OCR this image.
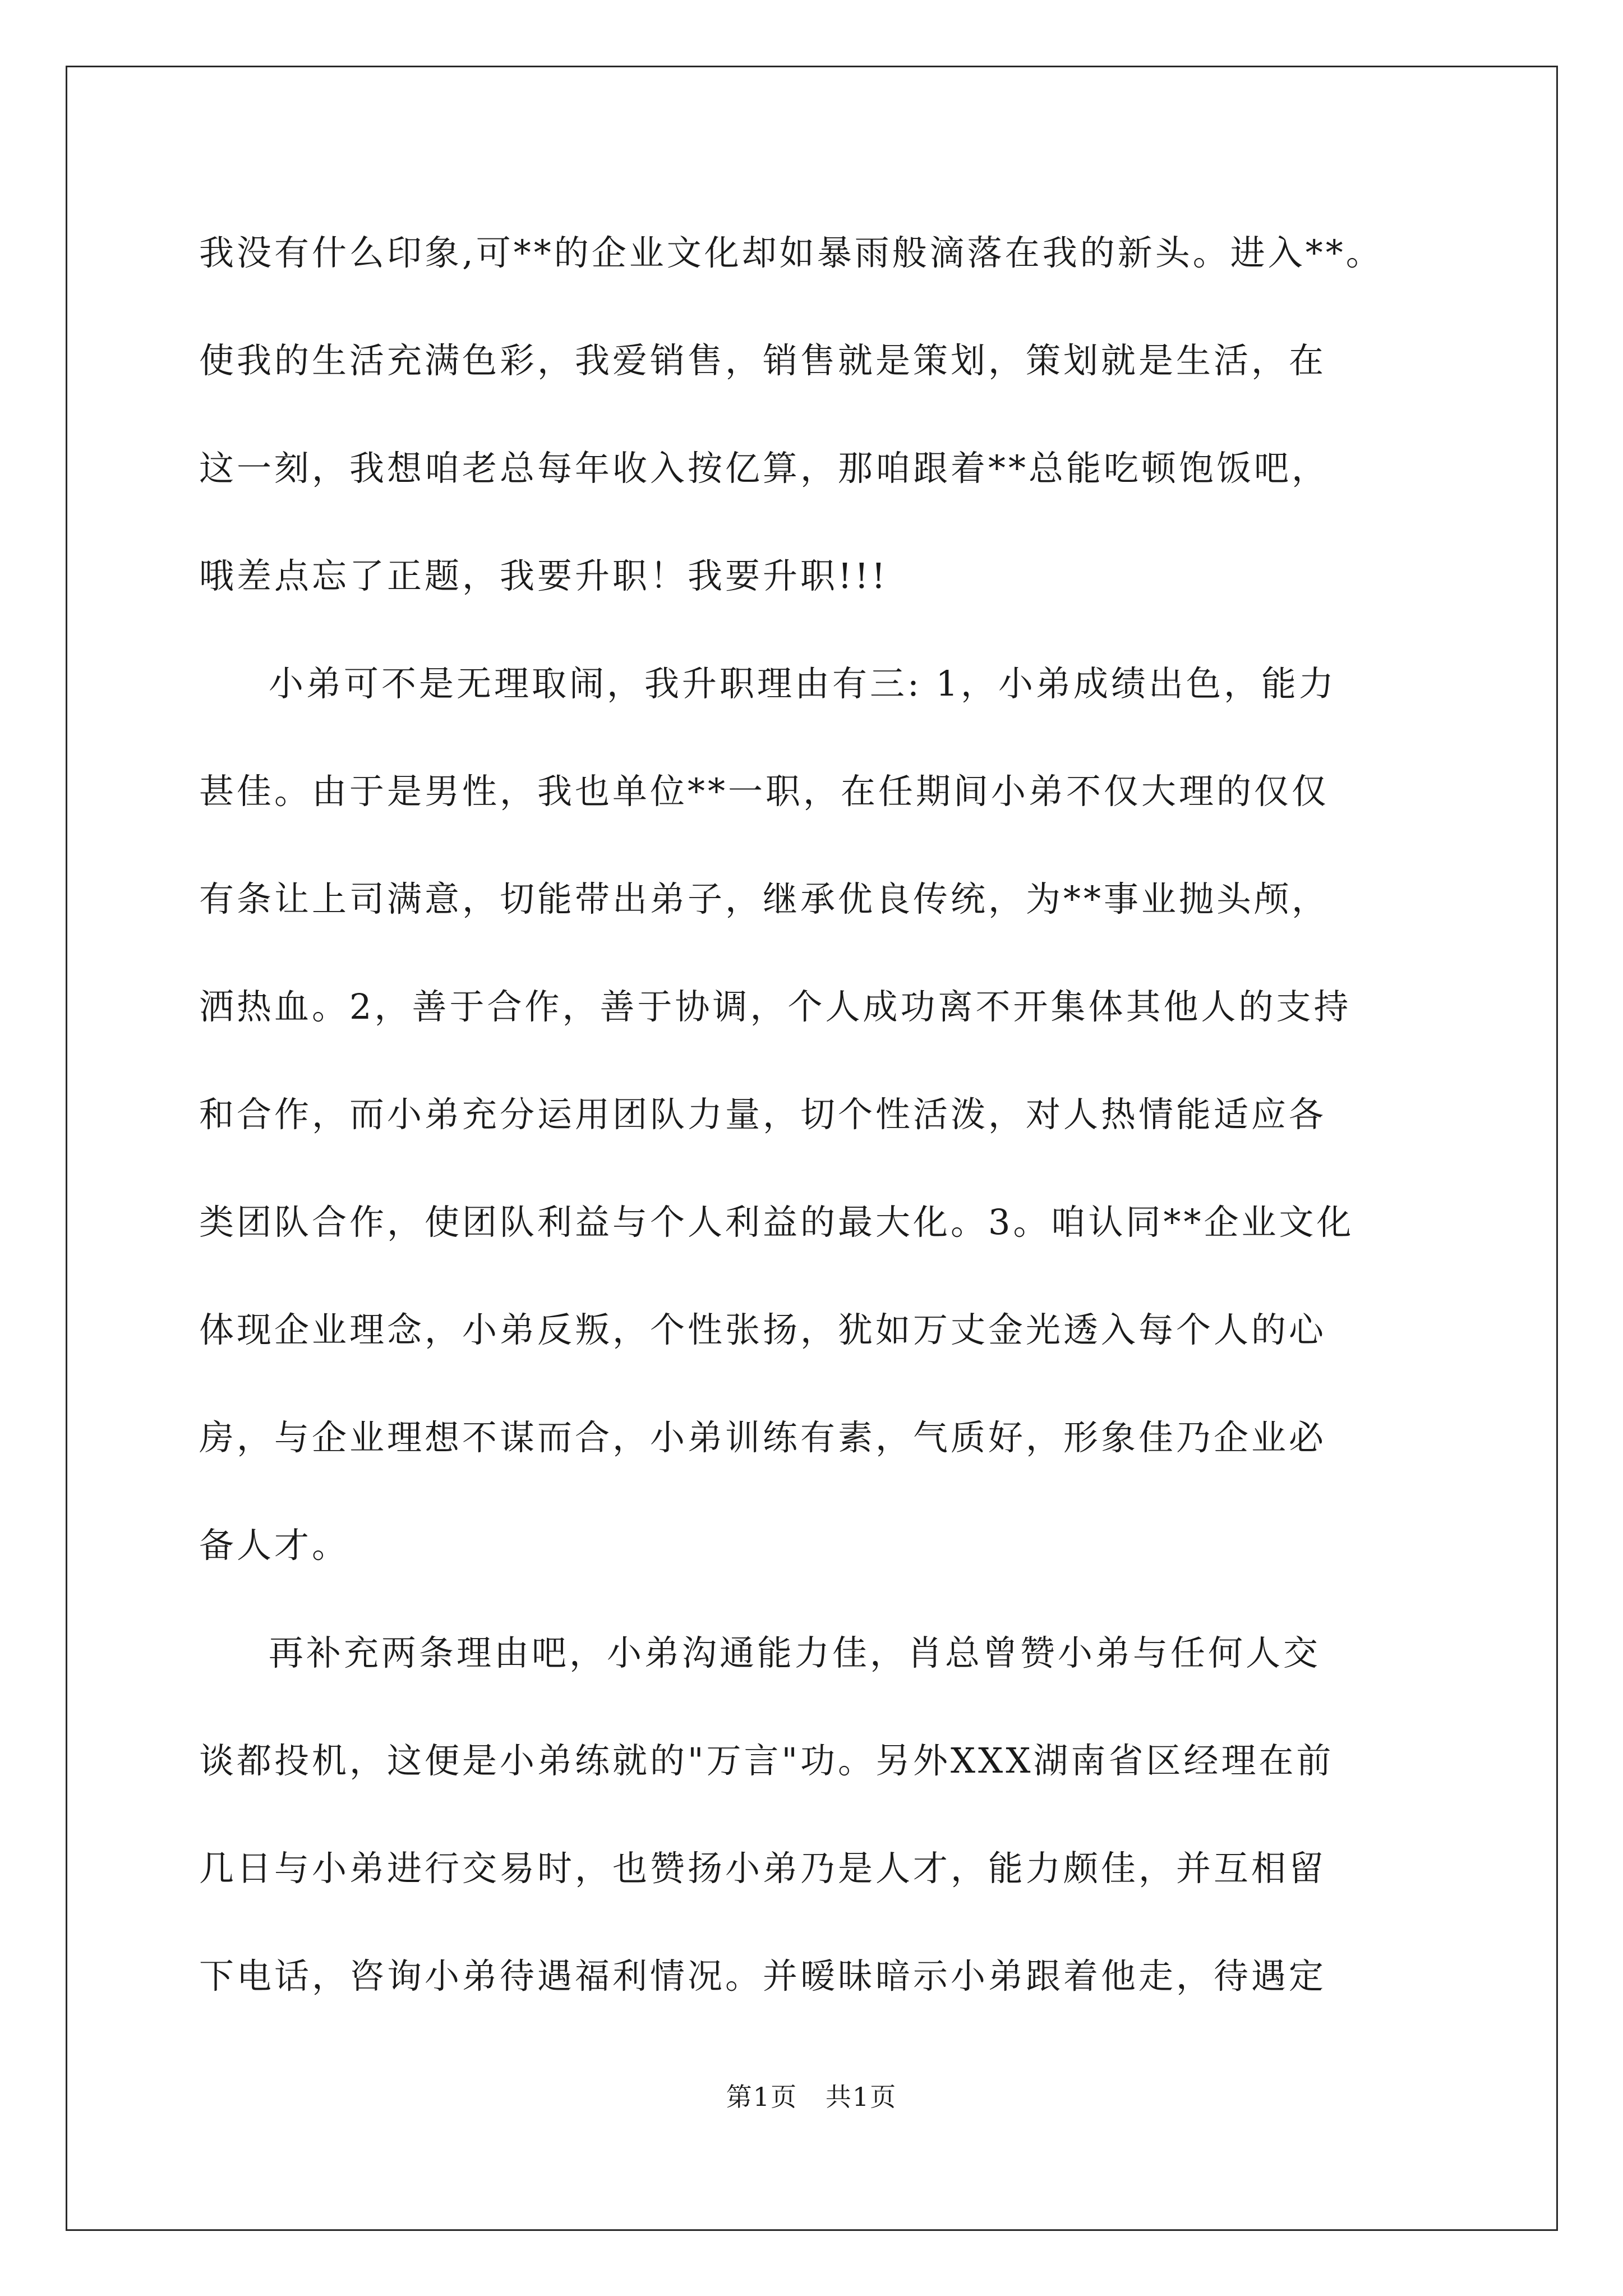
我没有什么印象,可**的企业文化却如暴雨般滴落在我的新头。进入**。
使我的生活充满色彩，我爱销售，销售就是策划，策划就是生活，在
这一刻，我想咱老总每年收入按亿算，那咱跟着**总能吃顿饱饭吧，
哦差点忘了正题，我要升职！我要升职!!!
小弟可不是无理取闹，我升职理由有三: 1，小弟成绩出色，能力
甚佳。由于是男性，我也单位**一职，在任期间小弟不仅大理的仅仅
有条让上司满意，切能带出弟子，继承优良传统，为**事业抛头颅，
洒热血。2，善于合作，善于协调，个人成功离不开集体其他人的支持
和合作，而小弟充分运用团队力量，切个性活泼，对人热情能适应各
类团队合作，使团队利益与个人利益的最大化。3。咱认同**企业文化
体现企业理念，小弟反叛，个性张扬，犹如万丈金光透入每个人的心
房，与企业理想不谋而合，小弟训练有素，气质好，形象佳乃企业必
备人才。
再补充两条理由吧，小弟沟通能力佳，肖总曾赞小弟与任何人交
谈都投机，这便是小弟练就的"万言"功。另外XXX湖南省区经理在前
几日与小弟进行交易时，也赞扬小弟乃是人才，能力颇佳，并互相留
下电话，咨询小弟待遇福利情况。并暧昧暗示小弟跟着他走，待遇定
第1页   共1页
